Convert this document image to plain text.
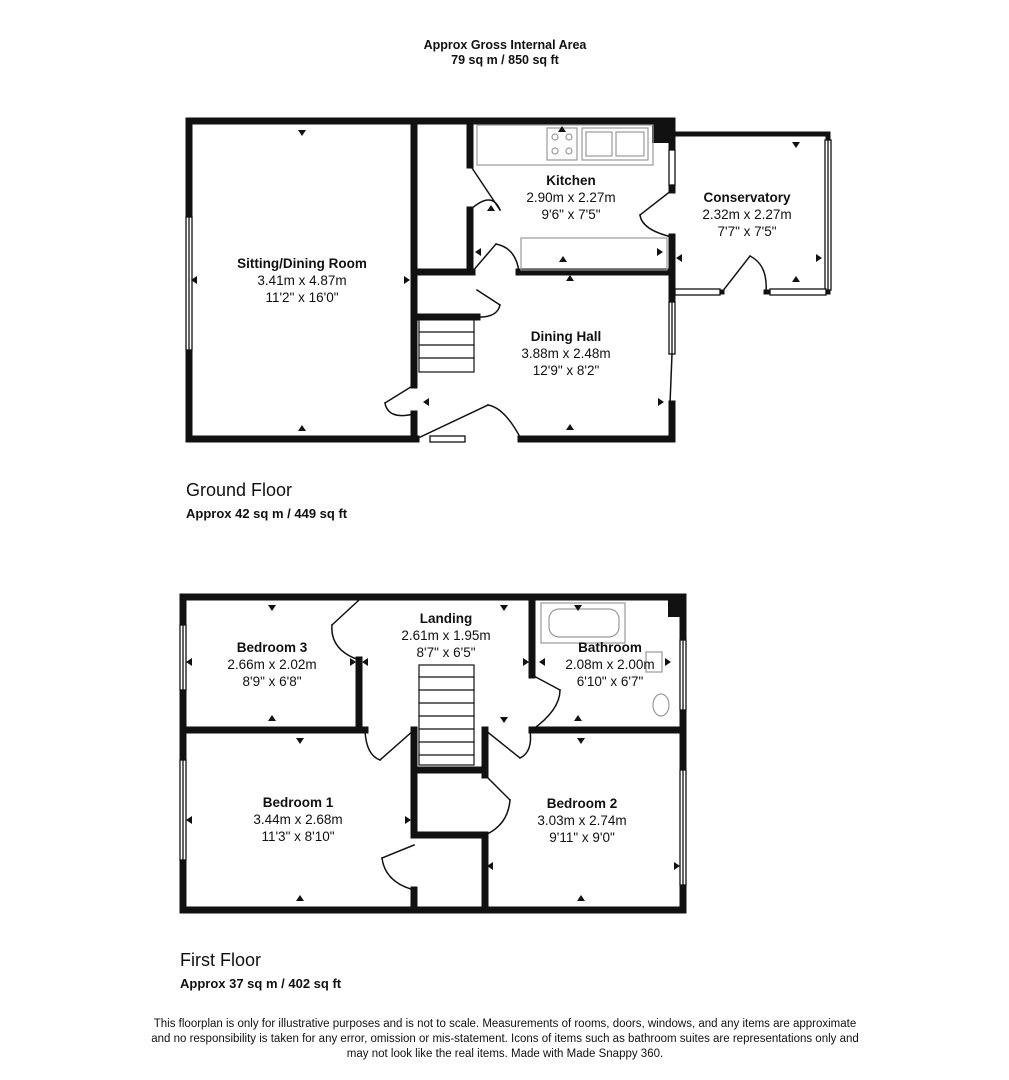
Approx Gross Internal Area
79 sq m / 850 sq ft
Sitting/Dining Room
3.41m x 4.87m
11'2" x 16'0"
Kitchen
2.90m x 2.27m
9'6" x 7'5"
Conservatory
2.32m x 2.27m
7'7" x 7'5"
Dining Hall
3.88m x 2.48m
12'9" x 8'2"
Ground Floor
Approx 42 sq m / 449 sq ft
Landing
2.61m x 1.95m
8'7" x 6'5"
Bedroom 3
2.66m x 2.02m
8'9" x 6'8"
Bathroom
2.08m x 2.00m
6'10" x 6'7"
Bedroom 1
3.44m x 2.68m
11'3" x 8'10"
Bedroom 2
3.03m x 2.74m
9'11" x 9'0"
First Floor
Approx 37 sq m / 402 sq ft
This floorplan is only for illustrative purposes and is not to scale. Measurements of rooms, doors, windows, and any items are approximate
and no responsibility is taken for any error, omission or mis-statement. Icons of items such as bathroom suites are representations only and
may not look like the real items. Made with Made Snappy 360.
